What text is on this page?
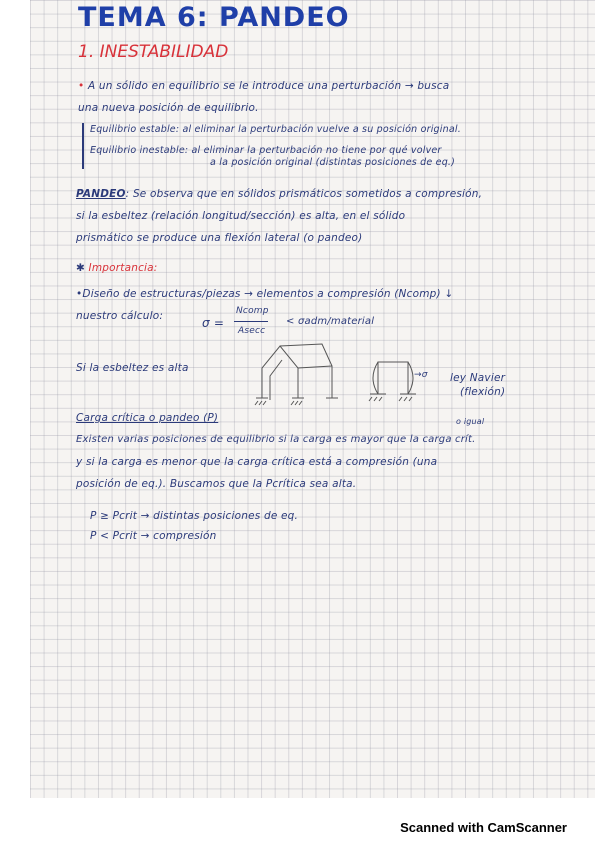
TEMA 6: PANDEO
1. INESTABILIDAD
• A un sólido en equilibrio se le introduce una perturbación → busca
una nueva posición de equilibrio.
Equilibrio estable: al eliminar la perturbación vuelve a su posición original.
Equilibrio inestable: al eliminar la perturbación no tiene por qué volver
a la posición original (distintas posiciones de eq.)
PANDEO: Se observa que en sólidos prismáticos sometidos a compresión,
si la esbeltez (relación longitud/sección) es alta, en el sólido
prismático se produce una flexión lateral (o pandeo)
✱ Importancia:
•Diseño de estructuras/piezas → elementos a compresión (Ncomp) ↓
nuestro cálculo:	σ =
Ncomp
Asecc
< σadm/material
Si la esbeltez es alta
→σ ley Navier
(flexión)
Carga crítica o pandeo (P)	o igual
Existen varias posiciones de equilibrio si la carga es mayor que la carga crít.
y si la carga es menor que la carga crítica está a compresión (una
posición de eq.). Buscamos que la Pcrítica sea alta.
P ≥ Pcrit → distintas posiciones de eq.
P < Pcrit → compresión
Scanned with CamScanner
